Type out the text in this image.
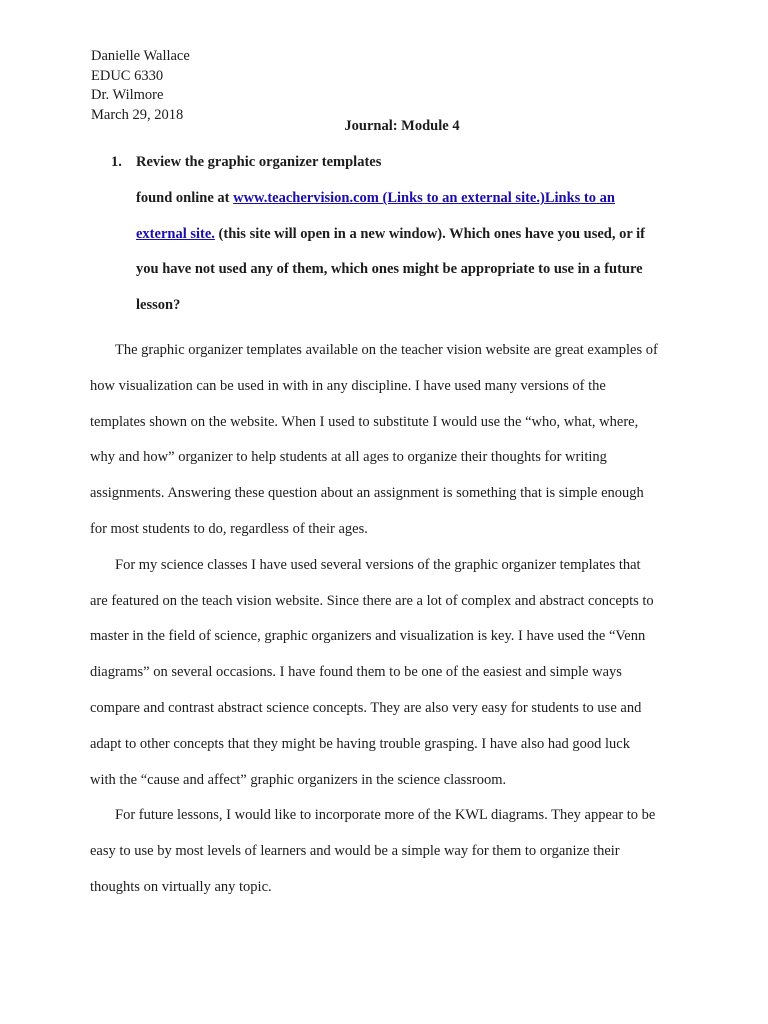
Danielle Wallace
EDUC 6330
Dr. Wilmore
March 29, 2018
Journal: Module 4
1. Review the graphic organizer templates
found online at www.teachervision.com (Links to an external site.)Links to an
external site. (this site will open in a new window). Which ones have you used, or if
you have not used any of them, which ones might be appropriate to use in a future
lesson?
The graphic organizer templates available on the teacher vision website are great examples of
how visualization can be used in with in any discipline. I have used many versions of the
templates shown on the website. When I used to substitute I would use the “who, what, where,
why and how” organizer to help students at all ages to organize their thoughts for writing
assignments. Answering these question about an assignment is something that is simple enough
for most students to do, regardless of their ages.
For my science classes I have used several versions of the graphic organizer templates that
are featured on the teach vision website. Since there are a lot of complex and abstract concepts to
master in the field of science, graphic organizers and visualization is key. I have used the “Venn
diagrams” on several occasions. I have found them to be one of the easiest and simple ways
compare and contrast abstract science concepts. They are also very easy for students to use and
adapt to other concepts that they might be having trouble grasping. I have also had good luck
with the “cause and affect” graphic organizers in the science classroom.
For future lessons, I would like to incorporate more of the KWL diagrams. They appear to be
easy to use by most levels of learners and would be a simple way for them to organize their
thoughts on virtually any topic.
